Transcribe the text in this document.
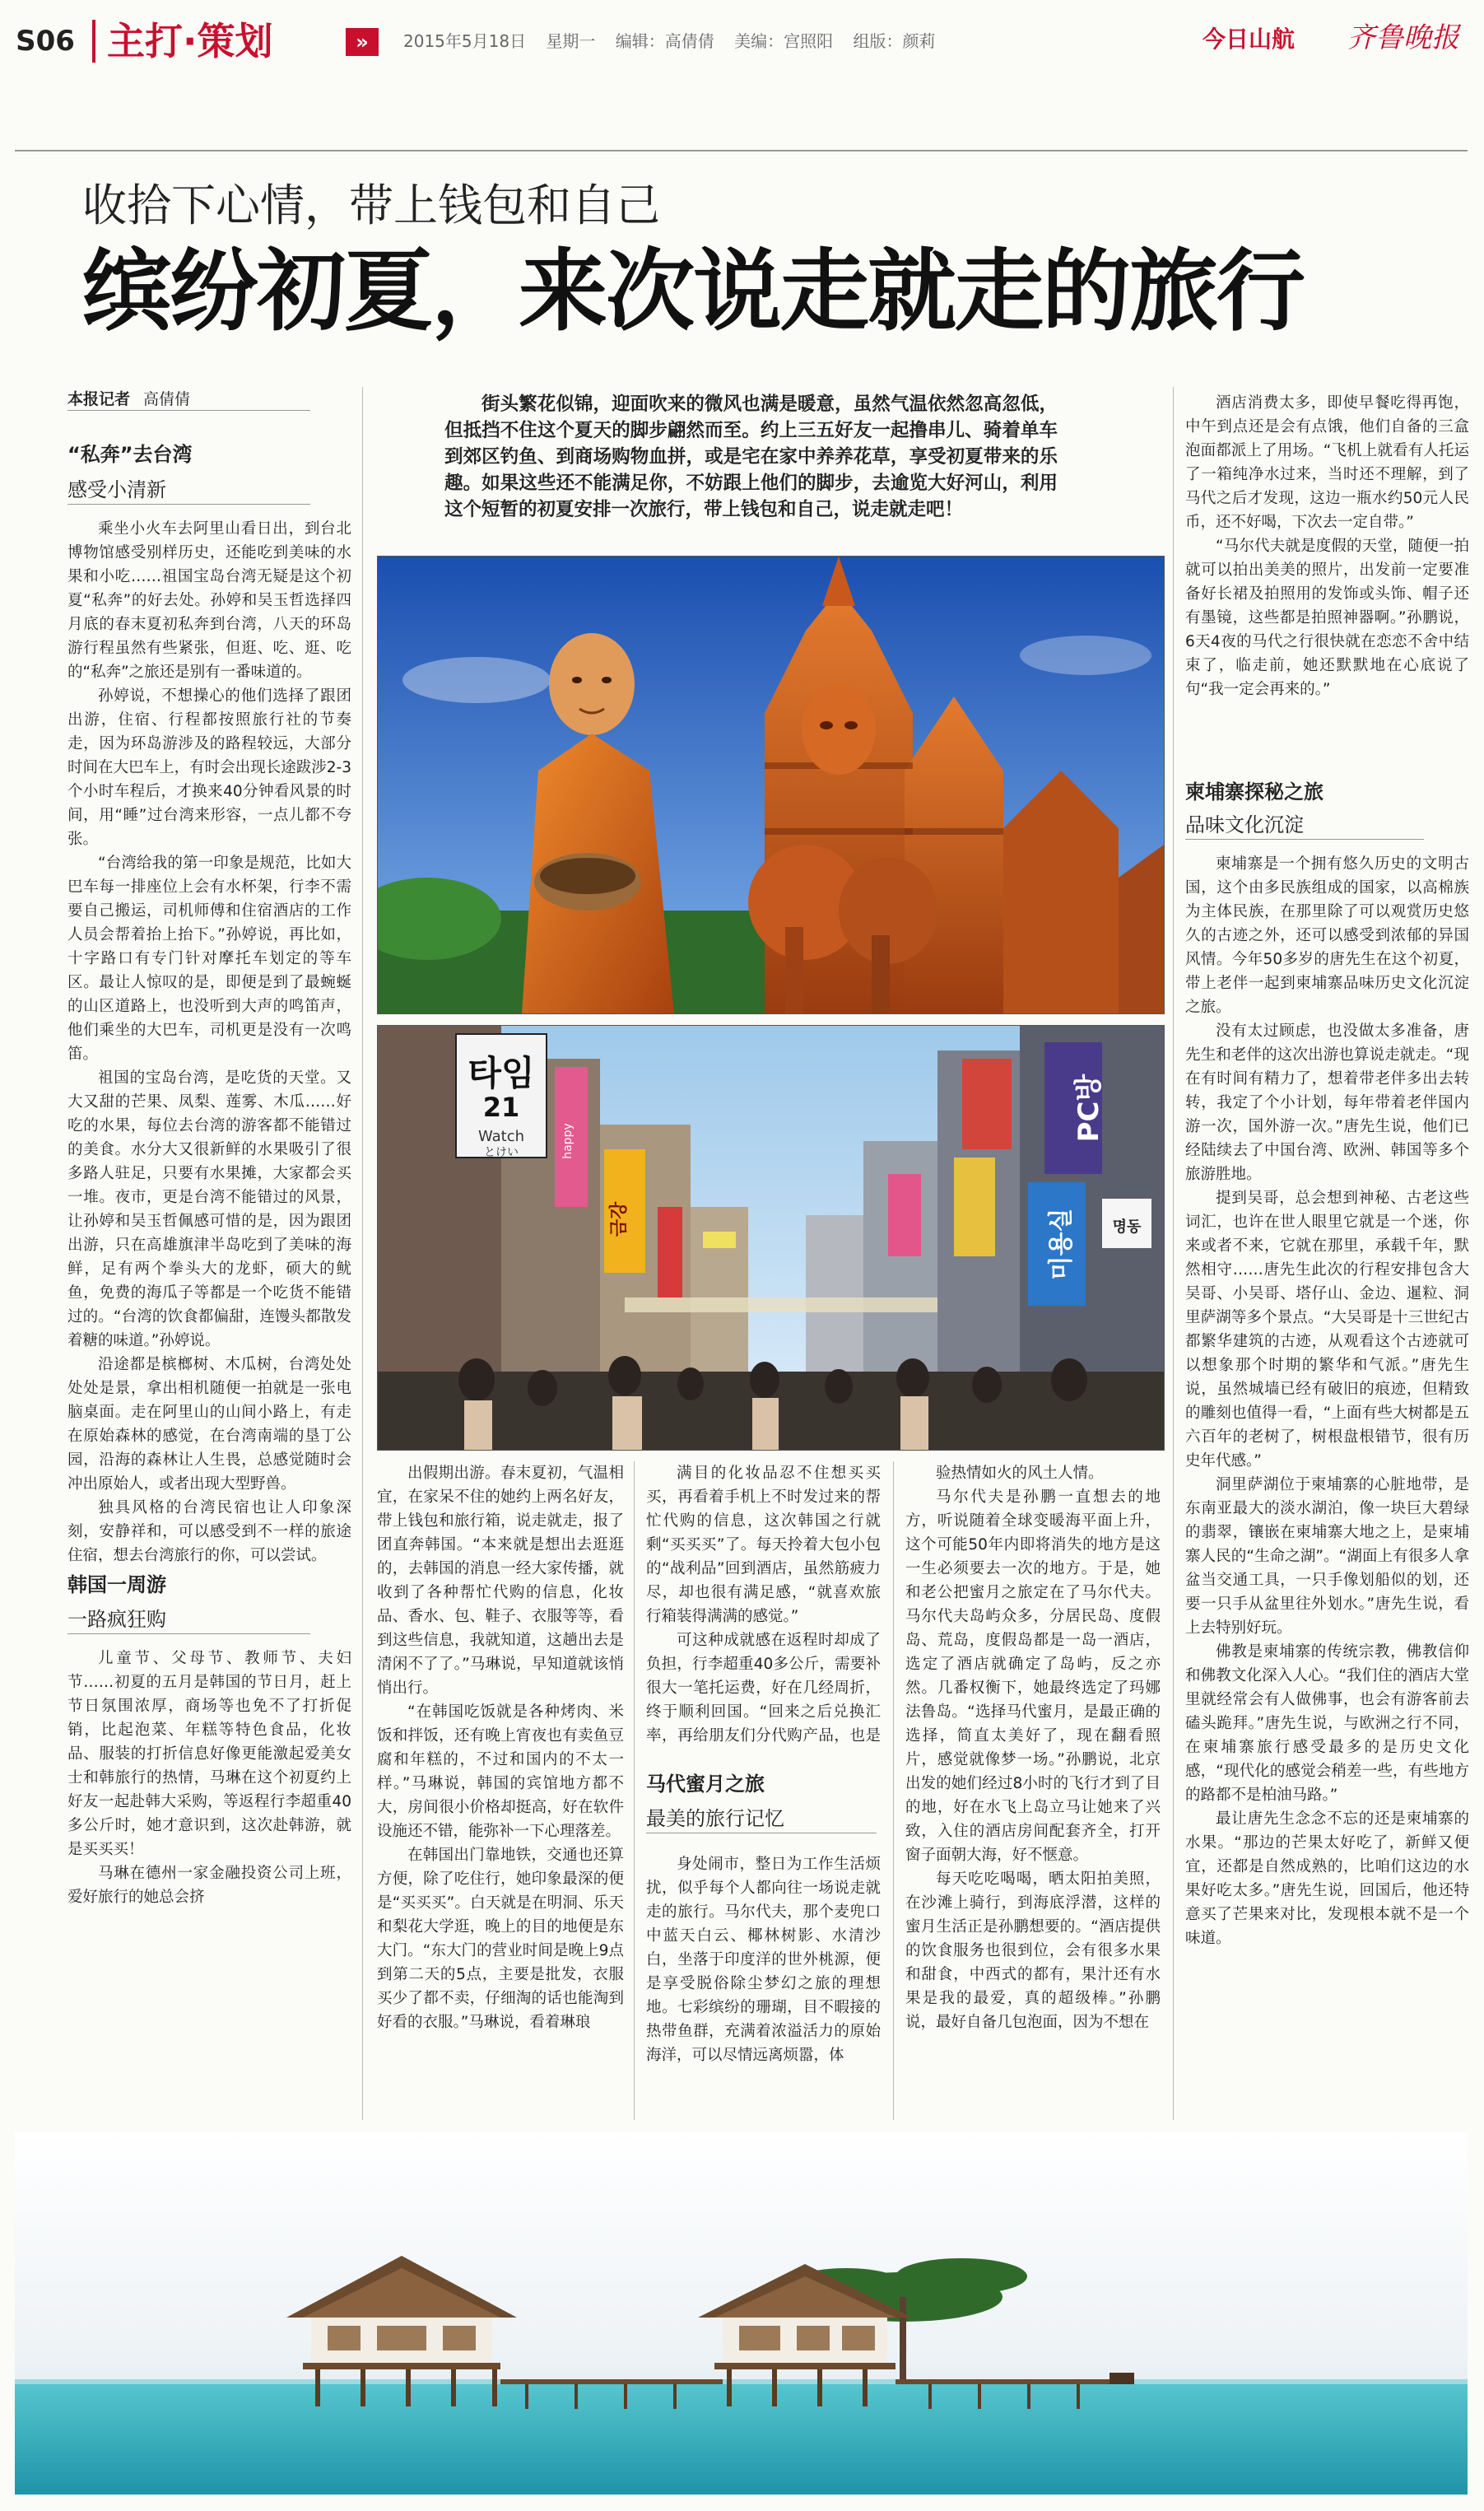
S06 主打·策划	»	2015年5月18日 星期一 编辑：高倩倩 美编：宫照阳 组版：颜莉	今日山航 齐鲁晚报
收拾下心情，带上钱包和自己
缤纷初夏，来次说走就走的旅行
本报记者 高倩倩
“私奔”去台湾
感受小清新

乘坐小火车去阿里山看日出，到台北博物馆感受别样历史，还能吃到美味的水果和小吃……祖国宝岛台湾无疑是这个初夏“私奔”的好去处。孙婷和吴玉哲选择四月底的春末夏初私奔到台湾，八天的环岛游行程虽然有些紧张，但逛、吃、逛、吃的“私奔”之旅还是别有一番味道的。

孙婷说，不想操心的他们选择了跟团出游，住宿、行程都按照旅行社的节奏走，因为环岛游涉及的路程较远，大部分时间在大巴车上，有时会出现长途跋涉2-3个小时车程后，才换来40分钟看风景的时间，用“睡”过台湾来形容，一点儿都不夸张。

“台湾给我的第一印象是规范，比如大巴车每一排座位上会有水杯架，行李不需要自己搬运，司机师傅和住宿酒店的工作人员会帮着抬上抬下。”孙婷说，再比如，十字路口有专门针对摩托车划定的等车区。最让人惊叹的是，即便是到了最蜿蜒的山区道路上，也没听到大声的鸣笛声，他们乘坐的大巴车，司机更是没有一次鸣笛。

祖国的宝岛台湾，是吃货的天堂。又大又甜的芒果、凤梨、莲雾、木瓜……好吃的水果，每位去台湾的游客都不能错过的美食。水分大又很新鲜的水果吸引了很多路人驻足，只要有水果摊，大家都会买一堆。夜市，更是台湾不能错过的风景，让孙婷和吴玉哲佩感可惜的是，因为跟团出游，只在高雄旗津半岛吃到了美味的海鲜，足有两个拳头大的龙虾，硕大的鱿鱼，免费的海瓜子等都是一个吃货不能错过的。“台湾的饮食都偏甜，连馒头都散发着糖的味道。”孙婷说。

沿途都是槟榔树、木瓜树，台湾处处处处是景，拿出相机随便一拍就是一张电脑桌面。走在阿里山的山间小路上，有走在原始森林的感觉，在台湾南端的垦丁公园，沿海的森林让人生畏，总感觉随时会冲出原始人，或者出现大型野兽。

独具风格的台湾民宿也让人印象深刻，安静祥和，可以感受到不一样的旅途住宿，想去台湾旅行的你，可以尝试。

韩国一周游
一路疯狂购

儿童节、父母节、教师节、夫妇节……初夏的五月是韩国的节日月，赶上节日氛围浓厚，商场等也免不了打折促销，比起泡菜、年糕等特色食品，化妆品、服装的打折信息好像更能激起爱美女士和韩旅行的热情，马琳在这个初夏约上好友一起赴韩大采购，等返程行李超重40多公斤时，她才意识到，这次赴韩游，就是买买买！

马琳在德州一家金融投资公司上班，爱好旅行的她总会挤

街头繁花似锦，迎面吹来的微风也满是暖意，虽然气温依然忽高忽低，但抵挡不住这个夏天的脚步翩然而至。约上三五好友一起撸串儿、骑着单车到郊区钓鱼、到商场购物血拼，或是宅在家中养养花草，享受初夏带来的乐趣。如果这些还不能满足你，不妨跟上他们的脚步，去逾览大好河山，利用这个短暂的初夏安排一次旅行，带上钱包和自己，说走就走吧！
타임
21
Watch
とけい	happy
금강
PC방
미용실 명동

出假期出游。春末夏初，气温相宜，在家呆不住的她约上两名好友，带上钱包和旅行箱，说走就走，报了团直奔韩国。“本来就是想出去逛逛的，去韩国的消息一经大家传播，就收到了各种帮忙代购的信息，化妆品、香水、包、鞋子、衣服等等，看到这些信息，我就知道，这趟出去是清闲不了了。”马琳说，早知道就该悄悄出行。

“在韩国吃饭就是各种烤肉、米饭和拌饭，还有晚上宵夜也有卖鱼豆腐和年糕的，不过和国内的不太一样。”马琳说，韩国的宾馆地方都不大，房间很小价格却挺高，好在软件设施还不错，能弥补一下心理落差。

在韩国出门靠地铁，交通也还算方便，除了吃住行，她印象最深的便是“买买买”。白天就是在明洞、乐天和梨花大学逛，晚上的目的地便是东大门。“东大门的营业时间是晚上9点到第二天的5点，主要是批发，衣服买少了都不卖，仔细淘的话也能淘到好看的衣服。”马琳说，看着琳琅

满目的化妆品忍不住想买买买，再看着手机上不时发过来的帮忙代购的信息，这次韩国之行就剩“买买买”了。每天拎着大包小包的“战利品”回到酒店，虽然筋疲力尽，却也很有满足感，“就喜欢旅行箱装得满满的感觉。”

可这种成就感在返程时却成了负担，行李超重40多公斤，需要补很大一笔托运费，好在几经周折，终于顺利回国。“回来之后兑换汇率，再给朋友们分代购产品，也是

马代蜜月之旅
最美的旅行记忆

身处闹市，整日为工作生活烦扰，似乎每个人都向往一场说走就走的旅行。马尔代夫，那个麦兜口中蓝天白云、椰林树影、水清沙白，坐落于印度洋的世外桃源，便是享受脱俗除尘梦幻之旅的理想地。七彩缤纷的珊瑚，目不暇接的热带鱼群，充满着浓溢活力的原始海洋，可以尽情远离烦嚣，体

验热情如火的风土人情。

马尔代夫是孙鹏一直想去的地方，听说随着全球变暖海平面上升，这个可能50年内即将消失的地方是这一生必须要去一次的地方。于是，她和老公把蜜月之旅定在了马尔代夫。马尔代夫岛屿众多，分居民岛、度假岛、荒岛，度假岛都是一岛一酒店，选定了酒店就确定了岛屿，反之亦然。几番权衡下，她最终选定了玛娜法鲁岛。“选择马代蜜月，是最正确的选择，简直太美好了，现在翻看照片，感觉就像梦一场。”孙鹏说，北京出发的她们经过8小时的飞行才到了目的地，好在水飞上岛立马让她来了兴致，入住的酒店房间配套齐全，打开窗子面朝大海，好不惬意。

每天吃吃喝喝，晒太阳拍美照，在沙滩上骑行，到海底浮潜，这样的蜜月生活正是孙鹏想要的。“酒店提供的饮食服务也很到位，会有很多水果和甜食，中西式的都有，果汁还有水果是我的最爱，真的超级棒。”孙鹏说，最好自备几包泡面，因为不想在

酒店消费太多，即使早餐吃得再饱，中午到点还是会有点饿，他们自备的三盒泡面都派上了用场。“飞机上就看有人托运了一箱纯净水过来，当时还不理解，到了马代之后才发现，这边一瓶水约50元人民币，还不好喝，下次去一定自带。”

“马尔代夫就是度假的天堂，随便一拍就可以拍出美美的照片，出发前一定要准备好长裙及拍照用的发饰或头饰、帽子还有墨镜，这些都是拍照神器啊。”孙鹏说，6天4夜的马代之行很快就在恋恋不舍中结束了，临走前，她还默默地在心底说了句“我一定会再来的。”

柬埔寨探秘之旅
品味文化沉淀

柬埔寨是一个拥有悠久历史的文明古国，这个由多民族组成的国家，以高棉族为主体民族，在那里除了可以观赏历史悠久的古迹之外，还可以感受到浓郁的异国风情。今年50多岁的唐先生在这个初夏，带上老伴一起到柬埔寨品味历史文化沉淀之旅。

没有太过顾虑，也没做太多准备，唐先生和老伴的这次出游也算说走就走。“现在有时间有精力了，想着带老伴多出去转转，我定了个小计划，每年带着老伴国内游一次，国外游一次。”唐先生说，他们已经陆续去了中国台湾、欧洲、韩国等多个旅游胜地。

提到吴哥，总会想到神秘、古老这些词汇，也许在世人眼里它就是一个迷，你来或者不来，它就在那里，承载千年，默然相守……唐先生此次的行程安排包含大吴哥、小吴哥、塔仔山、金边、暹粒、洞里萨湖等多个景点。“大吴哥是十三世纪古都繁华建筑的古迹，从观看这个古迹就可以想象那个时期的繁华和气派。”唐先生说，虽然城墙已经有破旧的痕迹，但精致的雕刻也值得一看，“上面有些大树都是五六百年的老树了，树根盘根错节，很有历史年代感。”

洞里萨湖位于柬埔寨的心脏地带，是东南亚最大的淡水湖泊，像一块巨大碧绿的翡翠，镶嵌在柬埔寨大地之上，是柬埔寨人民的“生命之湖”。“湖面上有很多人拿盆当交通工具，一只手像划船似的划，还要一只手从盆里往外划水。”唐先生说，看上去特别好玩。

佛教是柬埔寨的传统宗教，佛教信仰和佛教文化深入人心。“我们住的酒店大堂里就经常会有人做佛事，也会有游客前去磕头跪拜。”唐先生说，与欧洲之行不同，在柬埔寨旅行感受最多的是历史文化感，“现代化的感觉会稍差一些，有些地方的路都不是柏油马路。”

最让唐先生念念不忘的还是柬埔寨的水果。“那边的芒果太好吃了，新鲜又便宜，还都是自然成熟的，比咱们这边的水果好吃太多。”唐先生说，回国后，他还特意买了芒果来对比，发现根本就不是一个味道。
